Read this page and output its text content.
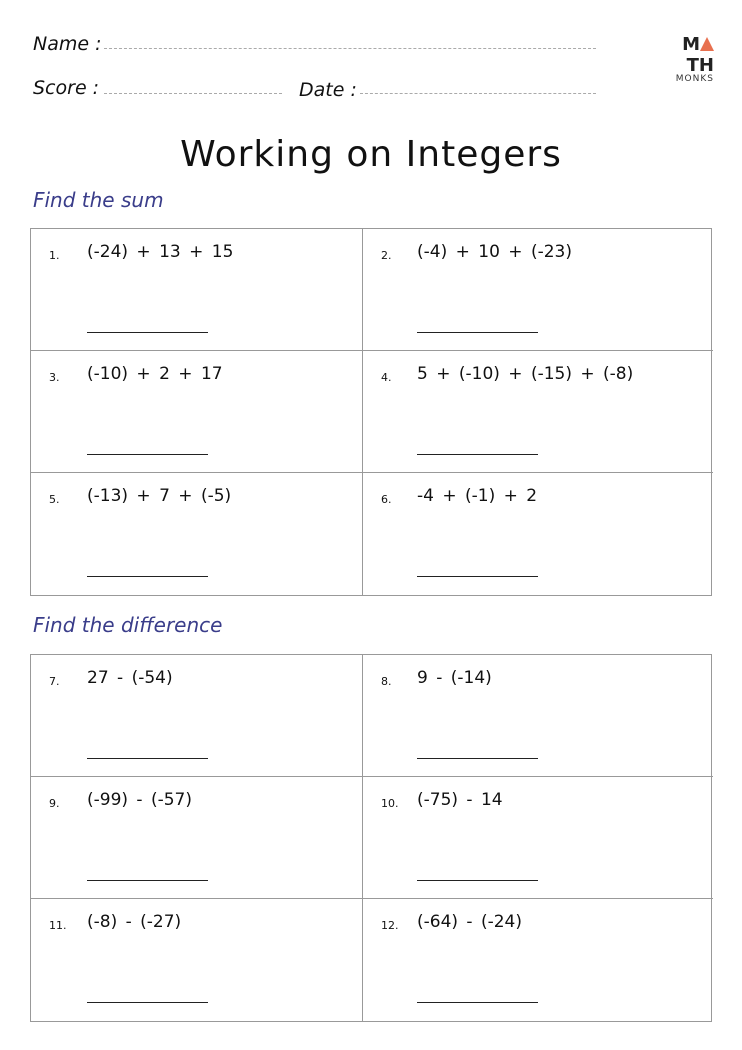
Name :
Score :	Date :
MTH
MONKS
Working on Integers
Find the sum
1. (-24) + 13 + 15	2. (-4) + 10 + (-23)
3. (-10) + 2 + 17	4. 5 + (-10) + (-15) + (-8)
5. (-13) + 7 + (-5)	6. -4 + (-1) + 2
Find the difference
7. 27 - (-54)	8. 9 - (-14)
9. (-99) - (-57)	10. (-75) - 14
11. (-8) - (-27)	12. (-64) - (-24)
